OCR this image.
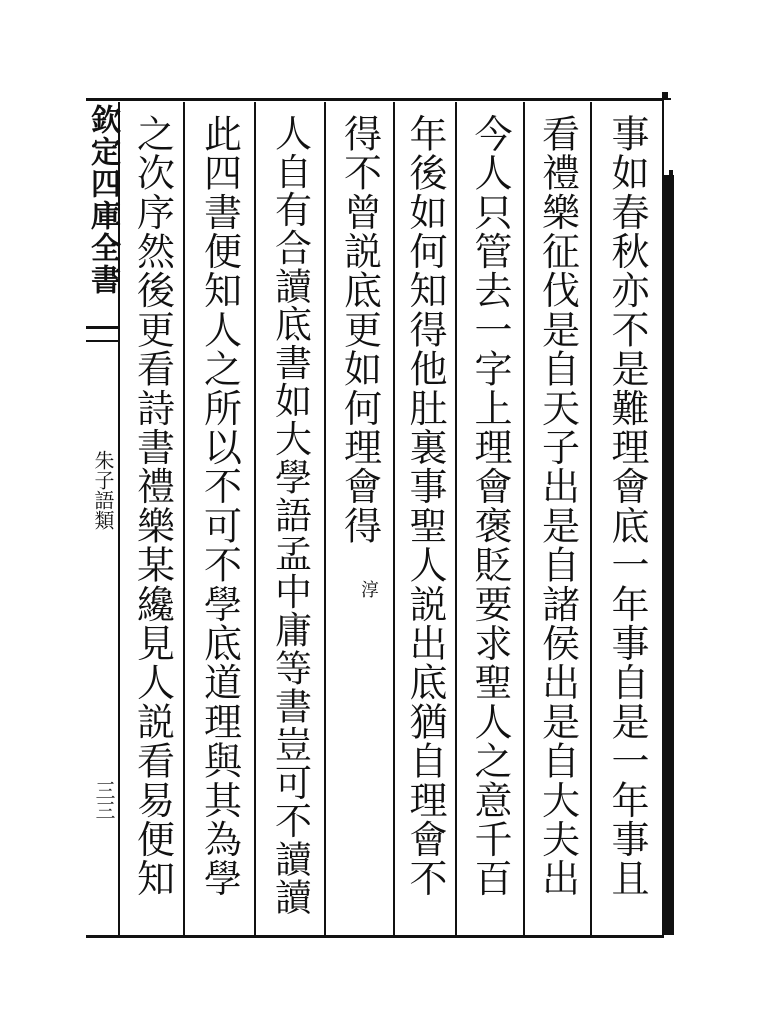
欽定四庫全書
朱子語類
三三	事如春秋亦不是難理會底一年事自是一年事且
看禮樂征伐是自天子出是自諸侯出是自大夫出
今人只管去一字上理會褒貶要求聖人之意千百
年後如何知得他肚裏事聖人説出底猶自理會不
得不曾説底更如何理會得
淳
人自有合讀底書如大學語孟中庸等書豈可不讀讀
此四書便知人之所以不可不學底道理與其為學
之次序然後更看詩書禮樂某纔見人説看易便知
